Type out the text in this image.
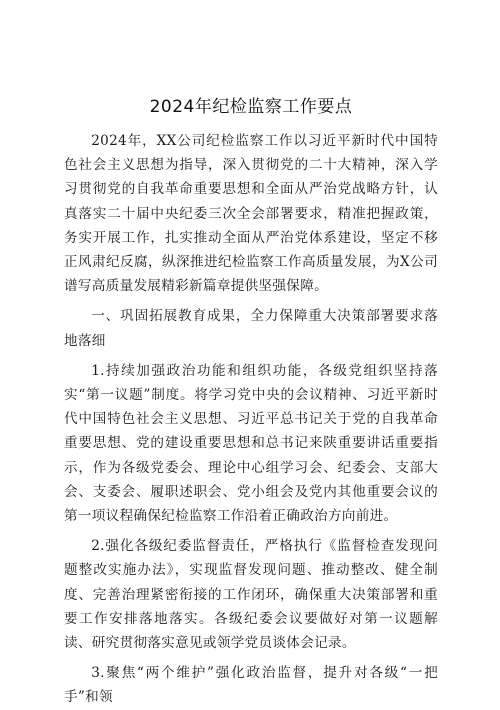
2024年纪检监察工作要点

2024年，XX公司纪检监察工作以习近平新时代中国特色社会主义思想为指导，深入贯彻党的二十大精神，深入学习贯彻党的自我革命重要思想和全面从严治党战略方针，认真落实二十届中央纪委三次全会部署要求，精准把握政策，务实开展工作，扎实推动全面从严治党体系建设，坚定不移正风肃纪反腐，纵深推进纪检监察工作高质量发展，为X公司谱写高质量发展精彩新篇章提供坚强保障。

一、巩固拓展教育成果，全力保障重大决策部署要求落地落细

1.持续加强政治功能和组织功能，各级党组织坚持落实“第一议题”制度。将学习党中央的会议精神、习近平新时代中国特色社会主义思想、习近平总书记关于党的自我革命重要思想、党的建设重要思想和总书记来陕重要讲话重要指示，作为各级党委会、理论中心组学习会、纪委会、支部大会、支委会、履职述职会、党小组会及党内其他重要会议的第一项议程确保纪检监察工作沿着正确政治方向前进。

2.强化各级纪委监督责任，严格执行《监督检查发现问题整改实施办法》，实现监督发现问题、推动整改、健全制度、完善治理紧密衔接的工作闭环，确保重大决策部署和重要工作安排落地落实。各级纪委会议要做好对第一议题解读、研究贯彻落实意见或领学党员谈体会记录。

3.聚焦“两个维护”强化政治监督，提升对各级“一把手”和领
